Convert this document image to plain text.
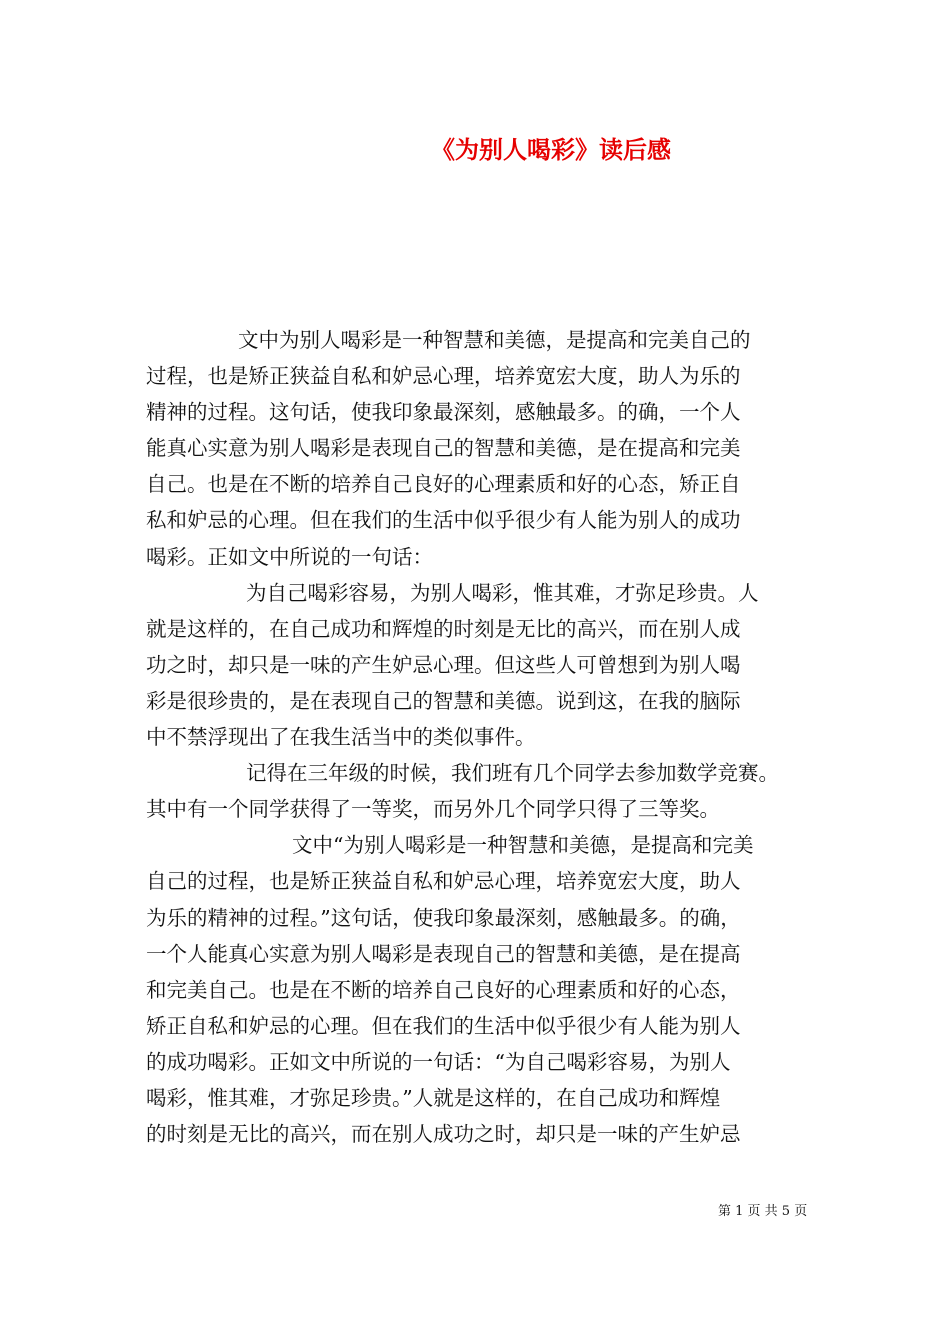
《为别人喝彩》读后感
文中为别人喝彩是一种智慧和美德，是提高和完美自己的
过程，也是矫正狭益自私和妒忌心理，培养宽宏大度，助人为乐的
精神的过程。这句话，使我印象最深刻，感触最多。的确，一个人
能真心实意为别人喝彩是表现自己的智慧和美德，是在提高和完美
自己。也是在不断的培养自己良好的心理素质和好的心态，矫正自
私和妒忌的心理。但在我们的生活中似乎很少有人能为别人的成功
喝彩。正如文中所说的一句话：
为自己喝彩容易，为别人喝彩，惟其难，才弥足珍贵。人
就是这样的，在自己成功和辉煌的时刻是无比的高兴，而在别人成
功之时，却只是一味的产生妒忌心理。但这些人可曾想到为别人喝
彩是很珍贵的，是在表现自己的智慧和美德。说到这，在我的脑际
中不禁浮现出了在我生活当中的类似事件。
记得在三年级的时候，我们班有几个同学去参加数学竞赛。
其中有一个同学获得了一等奖，而另外几个同学只得了三等奖。
文中“为别人喝彩是一种智慧和美德，是提高和完美
自己的过程，也是矫正狭益自私和妒忌心理，培养宽宏大度，助人
为乐的精神的过程。”这句话，使我印象最深刻，感触最多。的确，
一个人能真心实意为别人喝彩是表现自己的智慧和美德，是在提高
和完美自己。也是在不断的培养自己良好的心理素质和好的心态，
矫正自私和妒忌的心理。但在我们的生活中似乎很少有人能为别人
的成功喝彩。正如文中所说的一句话：“为自己喝彩容易，为别人
喝彩，惟其难，才弥足珍贵。”人就是这样的，在自己成功和辉煌
的时刻是无比的高兴，而在别人成功之时，却只是一味的产生妒忌
第 1 页 共 5 页
